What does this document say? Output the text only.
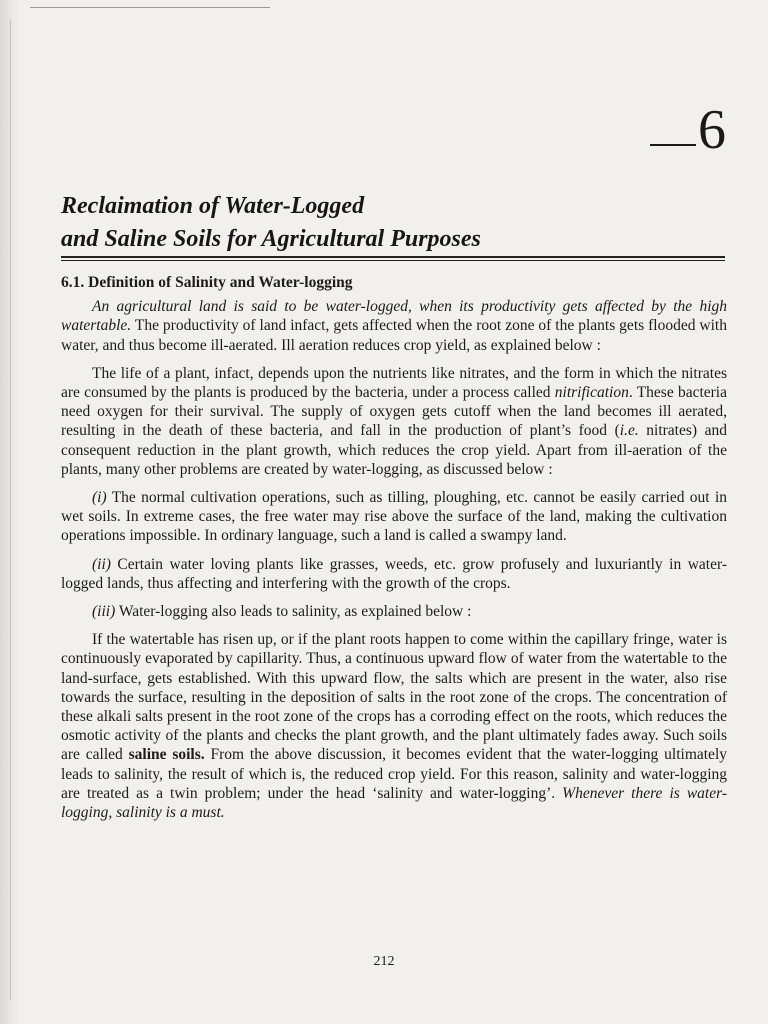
6
Reclaimation of Water-Logged
and Saline Soils for Agricultural Purposes
6.1. Definition of Salinity and Water-logging

An agricultural land is said to be water-logged, when its productivity gets affected by the high watertable. The productivity of land infact, gets affected when the root zone of the plants gets flooded with water, and thus become ill-aerated. Ill aeration reduces crop yield, as explained below :

The life of a plant, infact, depends upon the nutrients like nitrates, and the form in which the nitrates are consumed by the plants is produced by the bacteria, under a process called nitrification. These bacteria need oxygen for their survival. The supply of oxygen gets cutoff when the land becomes ill aerated, resulting in the death of these bacteria, and fall in the production of plant’s food (i.e. nitrates) and consequent reduction in the plant growth, which reduces the crop yield. Apart from ill-aeration of the plants, many other problems are created by water-logging, as discussed below :

(i) The normal cultivation operations, such as tilling, ploughing, etc. cannot be easily carried out in wet soils. In extreme cases, the free water may rise above the surface of the land, making the cultivation operations impossible. In ordinary language, such a land is called a swampy land.

(ii) Certain water loving plants like grasses, weeds, etc. grow profusely and luxuriantly in water-logged lands, thus affecting and interfering with the growth of the crops.

(iii) Water-logging also leads to salinity, as explained below :

If the watertable has risen up, or if the plant roots happen to come within the capillary fringe, water is continuously evaporated by capillarity. Thus, a continuous upward flow of water from the watertable to the land-surface, gets established. With this upward flow, the salts which are present in the water, also rise towards the surface, resulting in the deposition of salts in the root zone of the crops. The concentration of these alkali salts present in the root zone of the crops has a corroding effect on the roots, which reduces the osmotic activity of the plants and checks the plant growth, and the plant ultimately fades away. Such soils are called saline soils. From the above discussion, it becomes evident that the water-logging ultimately leads to salinity, the result of which is, the reduced crop yield. For this reason, salinity and water-logging are treated as a twin problem; under the head ‘salinity and water-logging’. Whenever there is water-logging, salinity is a must.

212
